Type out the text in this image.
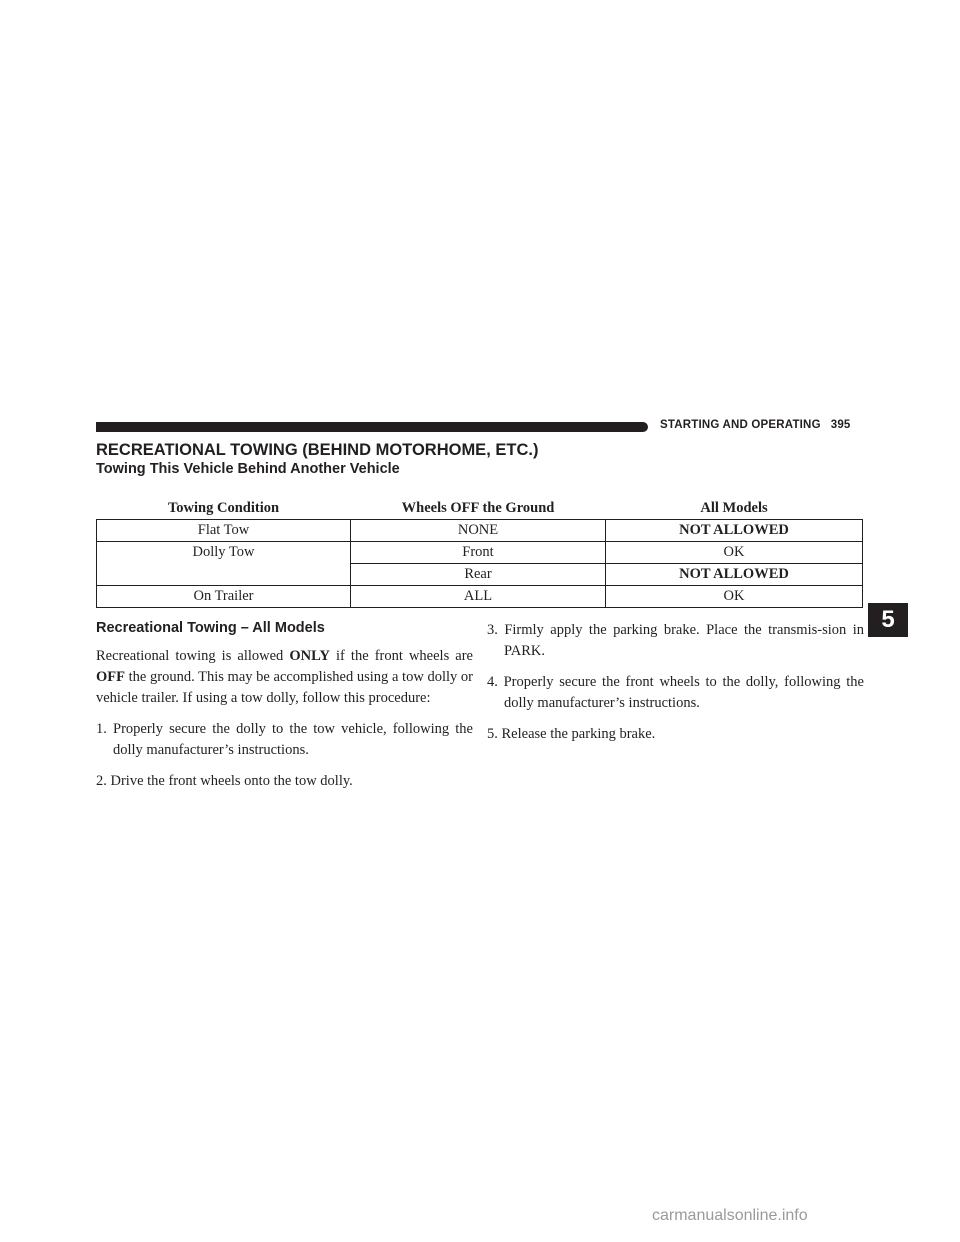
STARTING AND OPERATING 395
RECREATIONAL TOWING (BEHIND MOTORHOME, ETC.)
Towing This Vehicle Behind Another Vehicle
Towing Condition	Wheels OFF the Ground	All Models
Flat Tow	NONE	NOT ALLOWED
Dolly Tow	Front	OK
	Rear	NOT ALLOWED
On Trailer	ALL	OK
Recreational Towing – All Models

Recreational towing is allowed ONLY if the front wheels are OFF the ground. This may be accomplished using a tow dolly or vehicle trailer. If using a tow dolly, follow this procedure:

1. Properly secure the dolly to the tow vehicle, following the dolly manufacturer’s instructions.

2. Drive the front wheels onto the tow dolly.

3. Firmly apply the parking brake. Place the transmis-sion in PARK.

4. Properly secure the front wheels to the dolly, following the dolly manufacturer’s instructions.

5. Release the parking brake.

5
carmanualsonline.info
